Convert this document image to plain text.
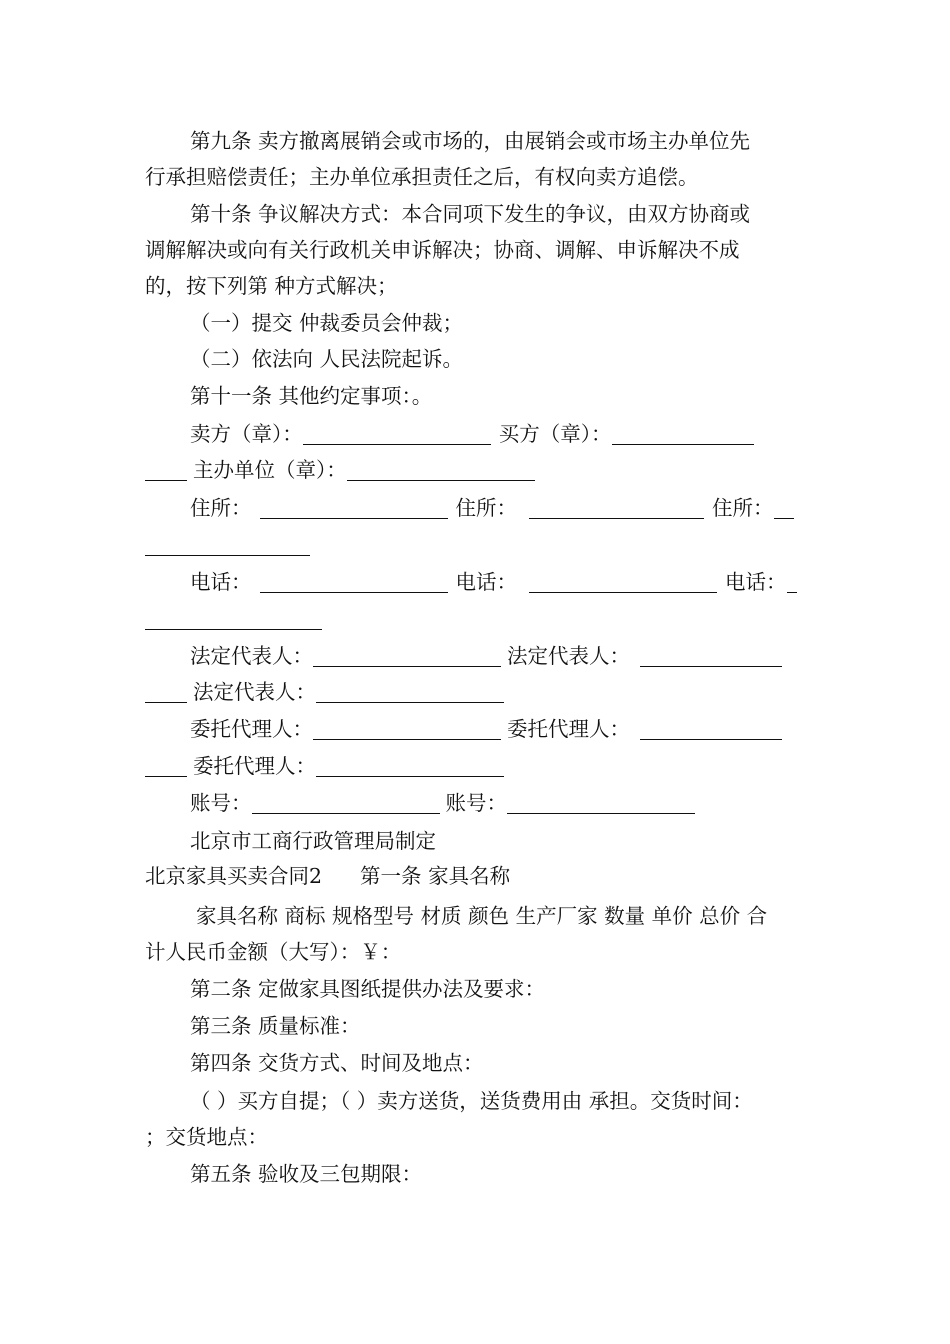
第九条 卖方撤离展销会或市场的，由展销会或市场主办单位先
行承担赔偿责任；主办单位承担责任之后，有权向卖方追偿。
第十条 争议解决方式：本合同项下发生的争议，由双方协商或
调解解决或向有关行政机关申诉解决；协商、调解、申诉解决不成
的，按下列第 种方式解决；
（一）提交 仲裁委员会仲裁；
（二）依法向 人民法院起诉。
第十一条 其他约定事项：。
卖方（章）：	买方（章）：
主办单位（章）：
住所：	住所：	住所：
电话：	电话：	电话：
法定代表人：	法定代表人：
法定代表人：
委托代理人：	委托代理人：
委托代理人：
账号：	账号：
北京市工商行政管理局制定
北京家具买卖合同2 第一条 家具名称
家具名称 商标 规格型号 材质 颜色 生产厂家 数量 单价 总价 合
计人民币金额（大写）：￥：
第二条 定做家具图纸提供办法及要求：
第三条 质量标准：
第四条 交货方式、时间及地点：
（ ）买方自提；（ ）卖方送货，送货费用由 承担。交货时间：
；交货地点：
第五条 验收及三包期限：
